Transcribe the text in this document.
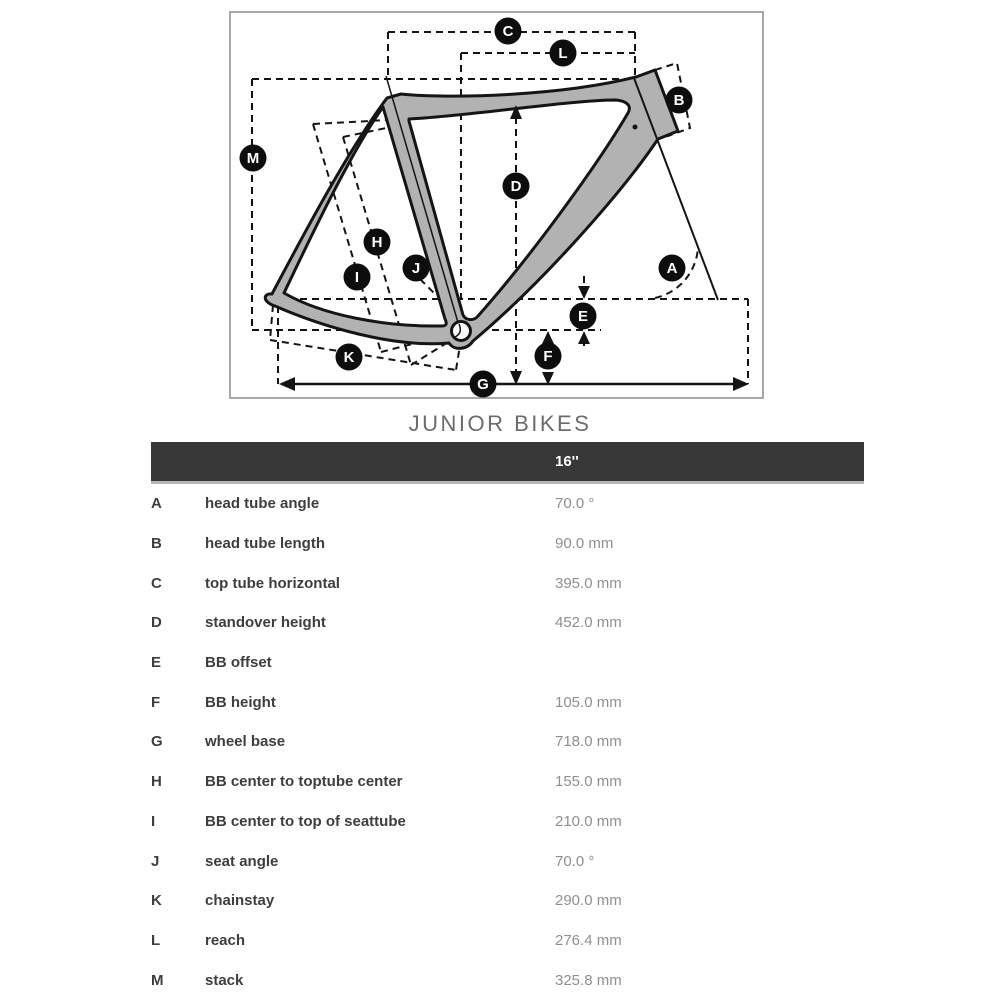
A
B
C
D
E
F
G
H
I
J
K
L
M
JUNIOR BIKES
		16''
A	head tube angle	70.0 °
B	head tube length	90.0 mm
C	top tube horizontal	395.0 mm
D	standover height	452.0 mm
E	BB offset	
F	BB height	105.0 mm
G	wheel base	718.0 mm
H	BB center to toptube center	155.0 mm
I	BB center to top of seattube	210.0 mm
J	seat angle	70.0 °
K	chainstay	290.0 mm
L	reach	276.4 mm
M	stack	325.8 mm
